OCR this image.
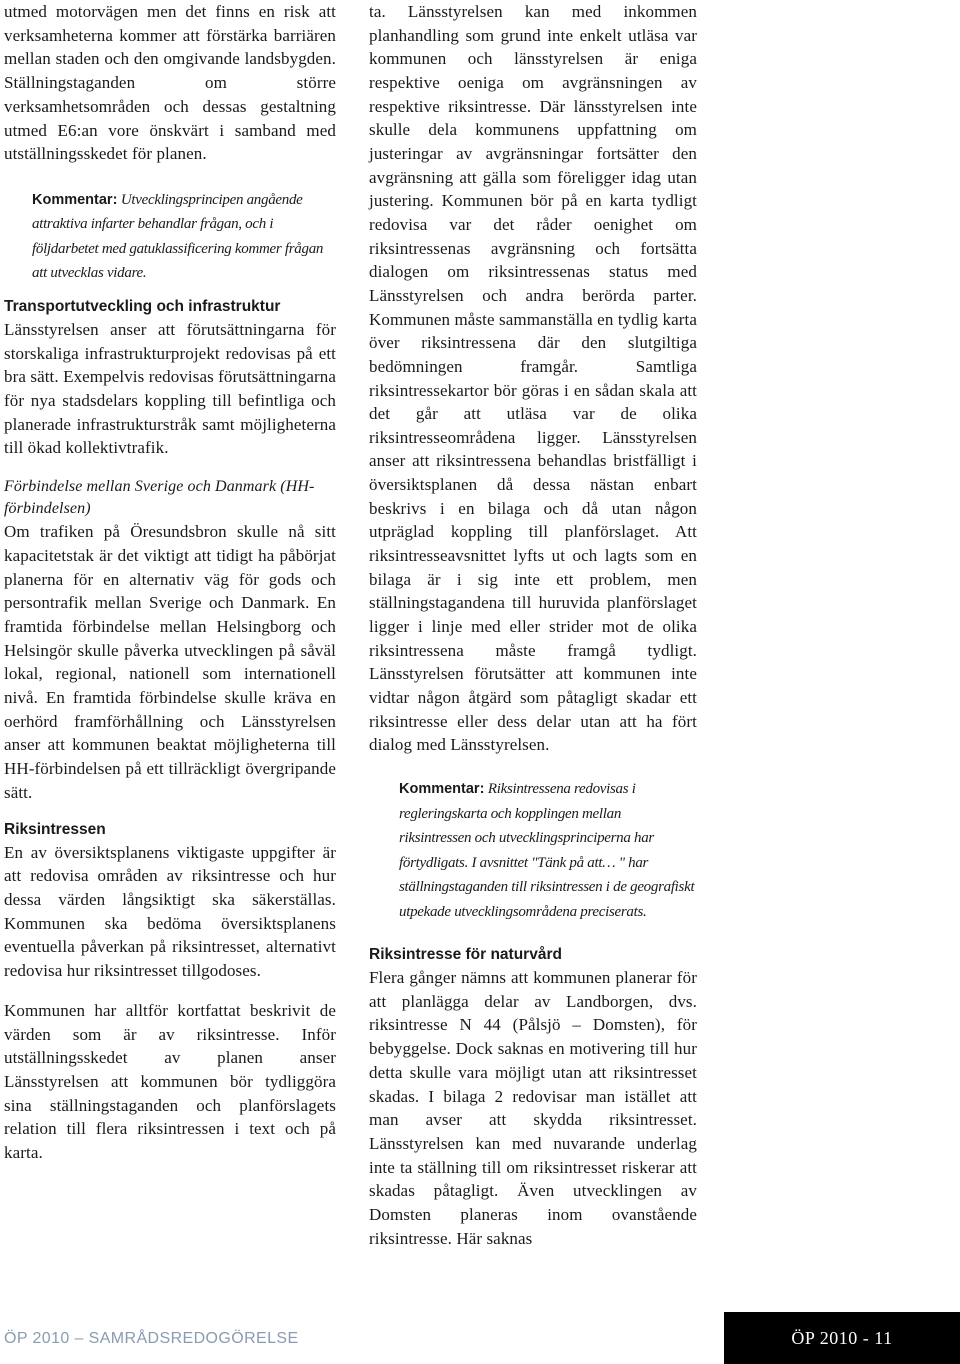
utmed motorvägen men det finns en risk att verksamheterna kommer att förstärka barriären mellan staden och den omgivande landsbygden. Ställningstaganden om större verksamhetsområden och dessas gestaltning utmed E6:an vore önskvärt i samband med utställningsskedet för planen.

Kommentar: Utvecklingsprincipen angående attraktiva infarter behandlar frågan, och i följdarbetet med gatuklassificering kommer frågan att utvecklas vidare.

Transportutveckling och infrastruktur

Länsstyrelsen anser att förutsättningarna för storskaliga infrastrukturprojekt redovisas på ett bra sätt. Exempelvis redovisas förutsättningarna för nya stadsdelars koppling till befintliga och planerade infrastrukturstråk samt möjligheterna till ökad kollektivtrafik.

Förbindelse mellan Sverige och Danmark (HH-förbindelsen)

Om trafiken på Öresundsbron skulle nå sitt kapacitetstak är det viktigt att tidigt ha påbörjat planerna för en alternativ väg för gods och persontrafik mellan Sverige och Danmark. En framtida förbindelse mellan Helsingborg och Helsingör skulle påverka utvecklingen på såväl lokal, regional, nationell som internationell nivå. En framtida förbindelse skulle kräva en oerhörd framförhållning och Länsstyrelsen anser att kommunen beaktat möjligheterna till HH-förbindelsen på ett tillräckligt övergripande sätt.

Riksintressen

En av översiktsplanens viktigaste uppgifter är att redovisa områden av riksintresse och hur dessa värden långsiktigt ska säkerställas. Kommunen ska bedöma översiktsplanens eventuella påverkan på riksintresset, alternativt redovisa hur riksintresset tillgodoses.

Kommunen har alltför kortfattat beskrivit de värden som är av riksintresse. Inför utställningsskedet av planen anser Länsstyrelsen att kommunen bör tydliggöra sina ställningstaganden och planförslagets relation till flera riksintressen i text och på karta.

ta. Länsstyrelsen kan med inkommen planhandling som grund inte enkelt utläsa var kommunen och länsstyrelsen är eniga respektive oeniga om avgränsningen av respektive riksintresse. Där länsstyrelsen inte skulle dela kommunens uppfattning om justeringar av avgränsningar fortsätter den avgränsning att gälla som föreligger idag utan justering. Kommunen bör på en karta tydligt redovisa var det råder oenighet om riksintressenas avgränsning och fortsätta dialogen om riksintressenas status med Länsstyrelsen och andra berörda parter. Kommunen måste sammanställa en tydlig karta över riksintressena där den slutgiltiga bedömningen framgår. Samtliga riksintressekartor bör göras i en sådan skala att det går att utläsa var de olika riksintresseområdena ligger. Länsstyrelsen anser att riksintressena behandlas bristfälligt i översiktsplanen då dessa nästan enbart beskrivs i en bilaga och då utan någon utpräglad koppling till planförslaget. Att riksintresseavsnittet lyfts ut och lagts som en bilaga är i sig inte ett problem, men ställningstagandena till huruvida planförslaget ligger i linje med eller strider mot de olika riksintressena måste framgå tydligt. Länsstyrelsen förutsätter att kommunen inte vidtar någon åtgärd som påtagligt skadar ett riksintresse eller dess delar utan att ha fört dialog med Länsstyrelsen.

Kommentar: Riksintressena redovisas i regleringskarta och kopplingen mellan riksintressen och utvecklingsprinciperna har förtydligats. I avsnittet "Tänk på att… " har ställningstaganden till riksintressen i de geografiskt utpekade utvecklingsområdena preciserats.

Riksintresse för naturvård

Flera gånger nämns att kommunen planerar för att planlägga delar av Landborgen, dvs. riksintresse N 44 (Pålsjö – Domsten), för bebyggelse. Dock saknas en motivering till hur detta skulle vara möjligt utan att riksintresset skadas. I bilaga 2 redovisar man istället att man avser att skydda riksintresset. Länsstyrelsen kan med nuvarande underlag inte ta ställning till om riksintresset riskerar att skadas påtagligt. Även utvecklingen av Domsten planeras inom ovanstående riksintresse. Här saknas

ÖP 2010 – SAMRÅDSREDOGÖRELSE	ÖP 2010 - 11
